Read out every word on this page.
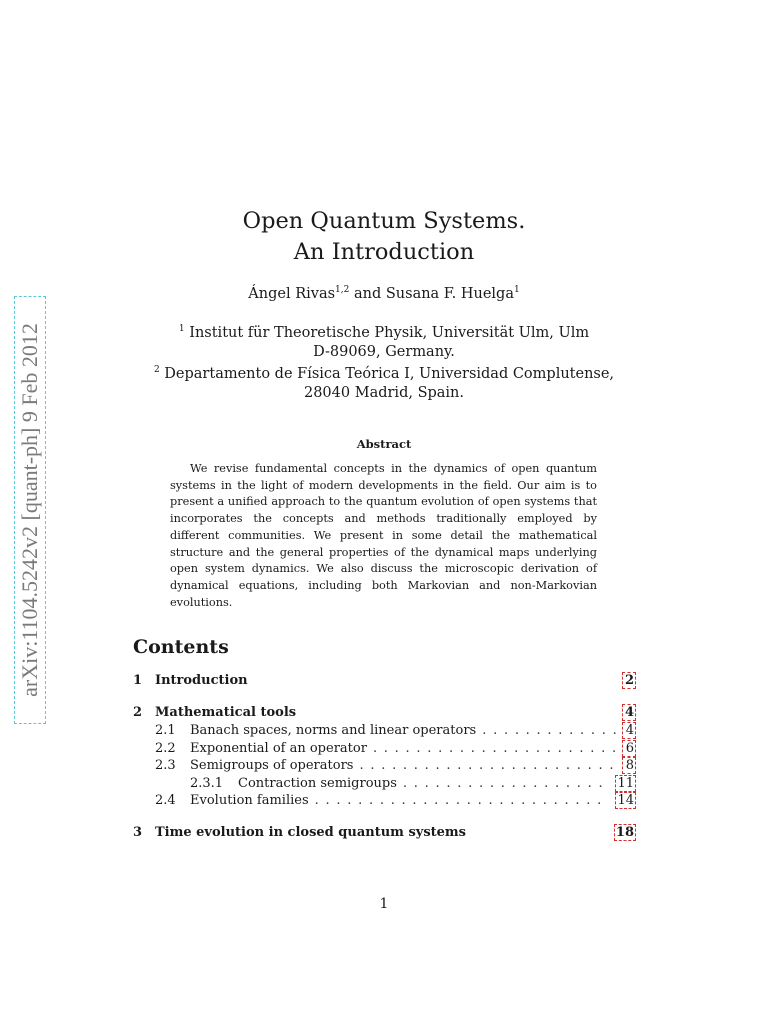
arXiv:1104.5242v2 [quant-ph] 9 Feb 2012
Open Quantum Systems.
An Introduction
Ángel Rivas$^{1,2}$ and Susana F. Huelga$^1$
$^1$ Institut für Theoretische Physik, Universität Ulm, Ulm
D-89069, Germany.
$^2$ Departamento de Física Teórica I, Universidad Complutense,
28040 Madrid, Spain.
Abstract

We revise fundamental concepts in the dynamics of open quantum systems in the light of modern developments in the field. Our aim is to present a unified approach to the quantum evolution of open systems that incorporates the concepts and methods traditionally employed by different communities. We present in some detail the mathematical structure and the general properties of the dynamical maps underlying open system dynamics. We also discuss the microscopic derivation of dynamical equations, including both Markovian and non-Markovian evolutions.

Contents
1 Introduction	2
2 Mathematical tools	4
2.1	Banach spaces, norms and linear operators . . .	4
2.2	Exponential of an operator . . .	6
2.3	Semigroups of operators . . .	8
2.3.1	Contraction semigroups . . .	11
2.4	Evolution families . . .	14
3 Time evolution in closed quantum systems	18
1
